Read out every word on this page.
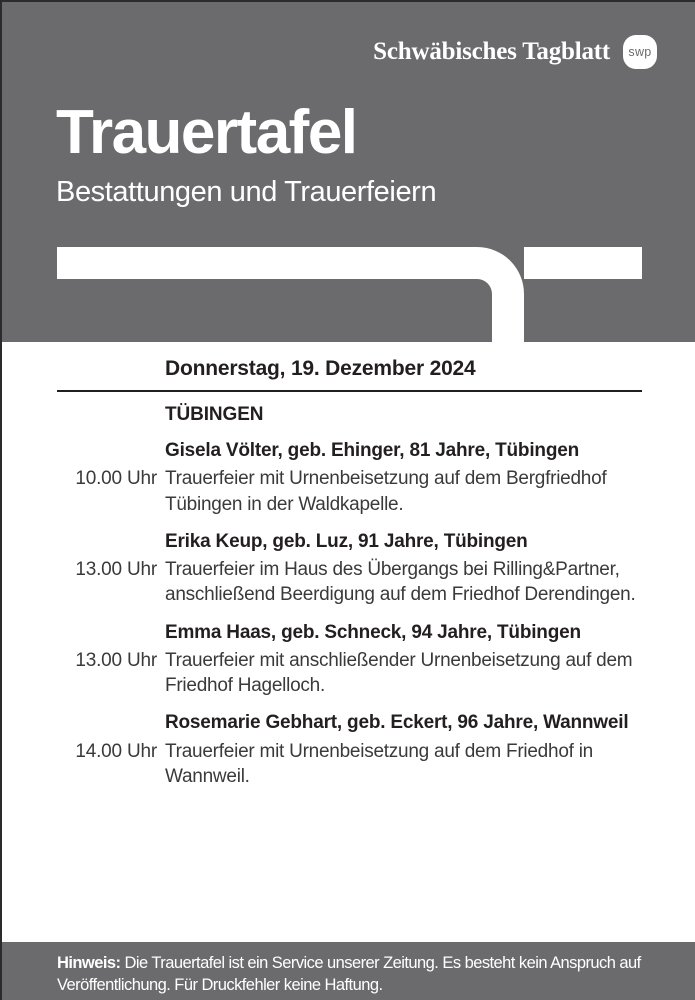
Schwäbisches Tagblatt swp
Trauertafel
Bestattungen und Trauerfeiern
Donnerstag, 19. Dezember 2024
TÜBINGEN
Gisela Völter, geb. Ehinger, 81 Jahre, Tübingen
10.00 Uhr Trauerfeier mit Urnenbeisetzung auf dem Bergfriedhof Tübingen in der Waldkapelle.
Erika Keup, geb. Luz, 91 Jahre, Tübingen
13.00 Uhr Trauerfeier im Haus des Übergangs bei Rilling&Partner, anschließend Beerdigung auf dem Friedhof Derendingen.
Emma Haas, geb. Schneck, 94 Jahre, Tübingen
13.00 Uhr Trauerfeier mit anschließender Urnenbeisetzung auf dem Friedhof Hagelloch.
Rosemarie Gebhart, geb. Eckert, 96 Jahre, Wannweil
14.00 Uhr Trauerfeier mit Urnenbeisetzung auf dem Friedhof in Wannweil.
Hinweis: Die Trauertafel ist ein Service unserer Zeitung. Es besteht kein Anspruch auf Veröffentlichung. Für Druckfehler keine Haftung.
